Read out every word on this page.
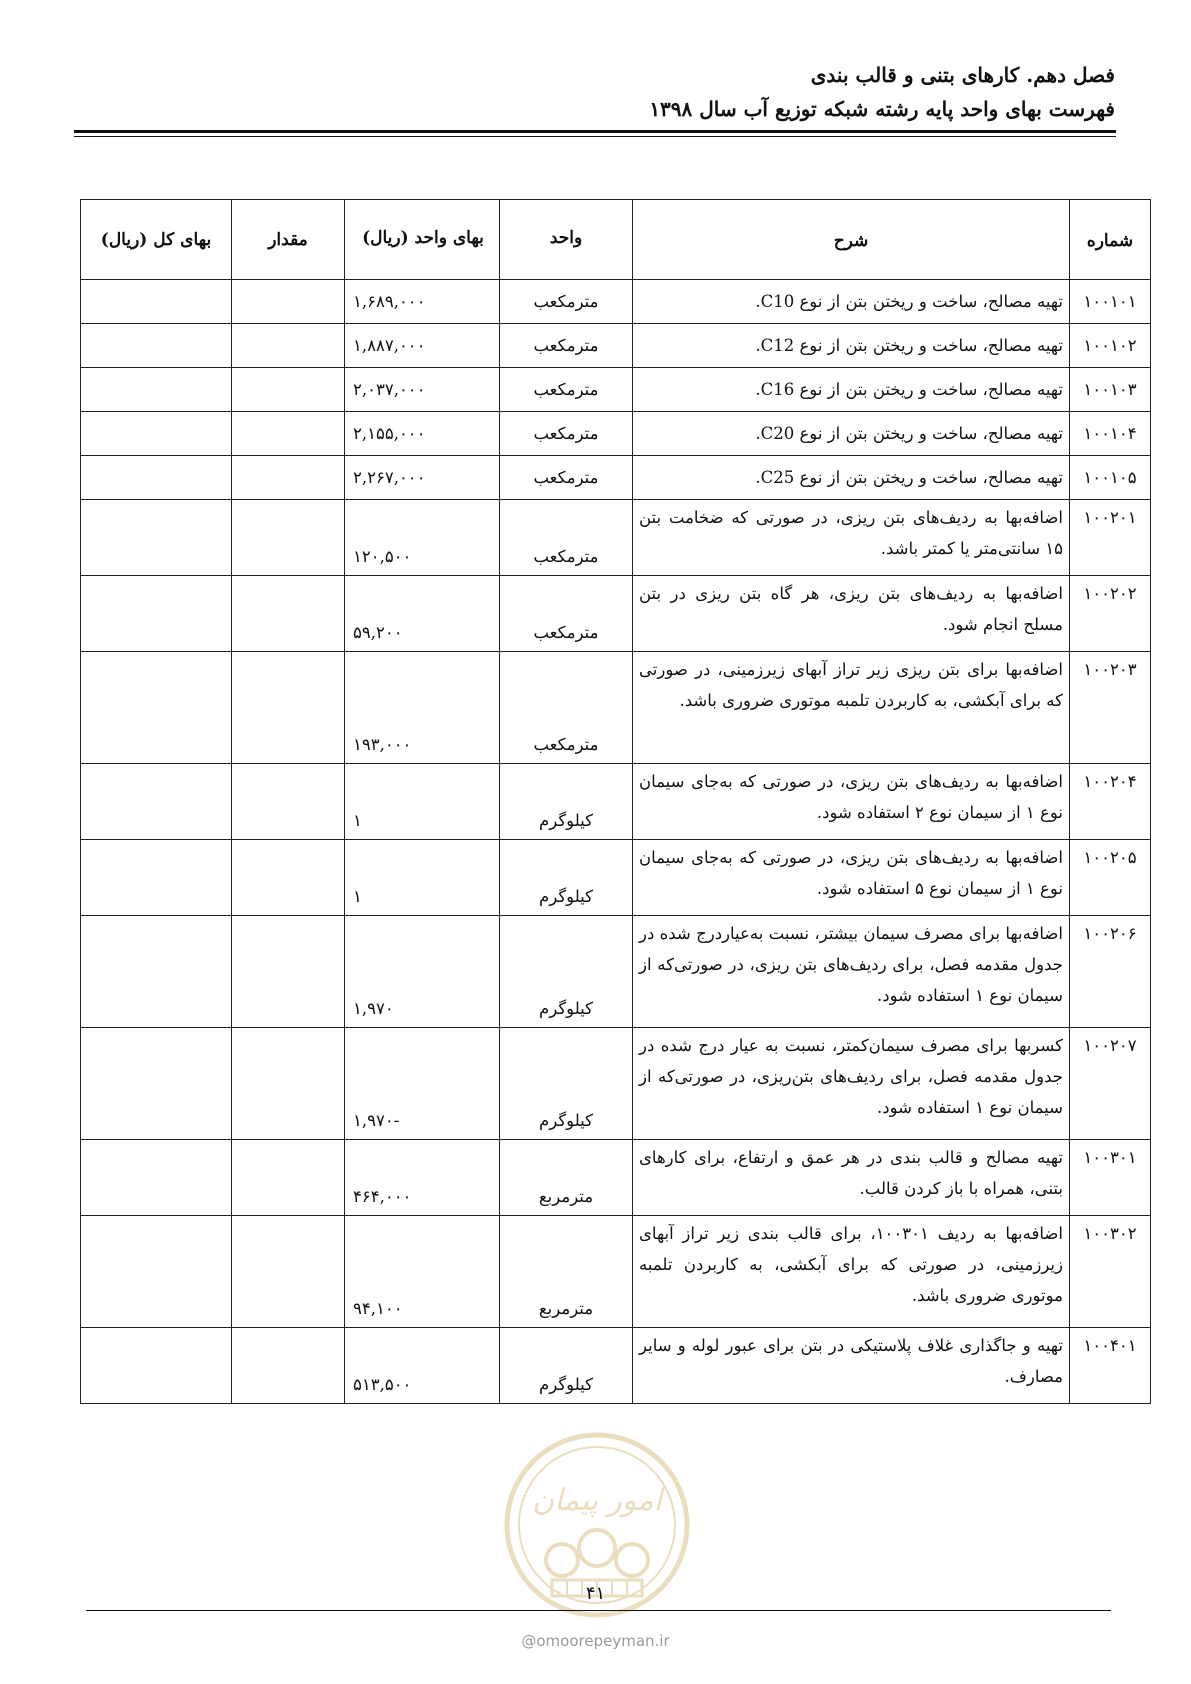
فصل دهم. کارهای بتنی و قالب بندی

فهرست بهای واحد پایه رشته شبکه توزیع آب سال ۱۳۹۸

شماره	شرح	واحد	بهای واحد (ریال)	مقدار	بهای کل (ریال)
۱۰۰۱۰۱	تهیه مصالح، ساخت و ریختن بتن از نوع C10.	مترمکعب	۱,۶۸۹,۰۰۰		
۱۰۰۱۰۲	تهیه مصالح، ساخت و ریختن بتن از نوع C12.	مترمکعب	۱,۸۸۷,۰۰۰		
۱۰۰۱۰۳	تهیه مصالح، ساخت و ریختن بتن از نوع C16.	مترمکعب	۲,۰۳۷,۰۰۰		
۱۰۰۱۰۴	تهیه مصالح، ساخت و ریختن بتن از نوع C20.	مترمکعب	۲,۱۵۵,۰۰۰		
۱۰۰۱۰۵	تهیه مصالح، ساخت و ریختن بتن از نوع C25.	مترمکعب	۲,۲۶۷,۰۰۰		
۱۰۰۲۰۱	اضافه‌بها به ردیف‌های بتن ریزی، در صورتی که ضخامت بتن ۱۵ سانتی‌متر یا کمتر باشد.	مترمکعب	۱۲۰,۵۰۰		
۱۰۰۲۰۲	اضافه‌بها به ردیف‌های بتن ریزی، هر گاه بتن ریزی در بتن مسلح انجام شود.	مترمکعب	۵۹,۲۰۰		
۱۰۰۲۰۳	اضافه‌بها برای بتن ریزی زیر تراز آبهای زیرزمینی، در صورتی که برای آبکشی، به کاربردن تلمبه موتوری ضروری باشد.	مترمکعب	۱۹۳,۰۰۰		
۱۰۰۲۰۴	اضافه‌بها به ردیف‌های بتن ریزی، در صورتی که به‌جای سیمان نوع ۱ از سیمان نوع ۲ استفاده شود.	کیلوگرم	۱		
۱۰۰۲۰۵	اضافه‌بها به ردیف‌های بتن ریزی، در صورتی که به‌جای سیمان نوع ۱ از سیمان نوع ۵ استفاده شود.	کیلوگرم	۱		
۱۰۰۲۰۶	اضافه‌بها برای مصرف سیمان بیشتر، نسبت به‌عیاردرج شده در جدول مقدمه فصل، برای ردیف‌های بتن ریزی، در صورتی‌که از سیمان نوع ۱ استفاده شود.	کیلوگرم	۱,۹۷۰		
۱۰۰۲۰۷	کسربها برای مصرف سیمان‌کمتر، نسبت به عیار درج شده در جدول مقدمه فصل، برای ردیف‌های بتن‌ریزی، در صورتی‌که از سیمان نوع ۱ استفاده شود.	کیلوگرم	-۱,۹۷۰		
۱۰۰۳۰۱	تهیه مصالح و قالب بندی در هر عمق و ارتفاع، برای کارهای بتنی، همراه با باز کردن قالب.	مترمربع	۴۶۴,۰۰۰		
۱۰۰۳۰۲	اضافه‌بها به ردیف ۱۰۰۳۰۱، برای قالب بندی زیر تراز آبهای زیرزمینی، در صورتی که برای آبکشی، به کاربردن تلمبه موتوری ضروری باشد.	مترمربع	۹۴,۱۰۰		
۱۰۰۴۰۱	تهیه و جاگذاری غلاف پلاستیکی در بتن برای عبور لوله و سایر مصارف.	کیلوگرم	۵۱۳,۵۰۰		
امور پیمان
۴۱
@omoorepeyman.ir
